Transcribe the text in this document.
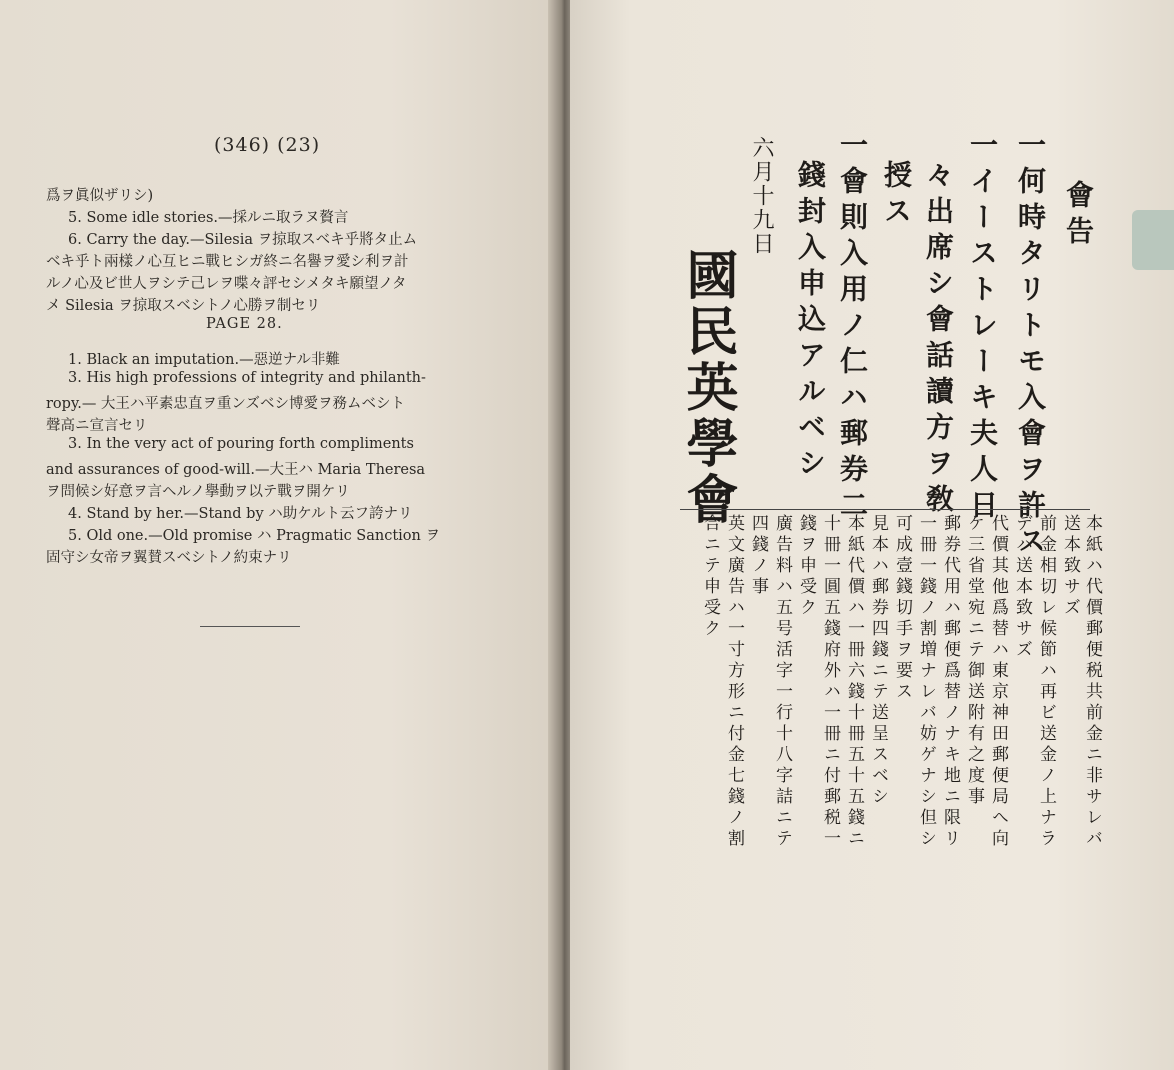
(346) (23)
爲ヲ眞似ザリシ)
5. Some idle stories.—採ルニ取ラヌ贅言
6. Carry the day.—Silesia ヲ掠取スベキ乎將タ止ム
ベキ乎ト兩樣ノ心互ヒニ戰ヒシガ終ニ名譽ヲ愛シ利ヲ計
ルノ心及ビ世人ヲシテ己レヲ喋々評セシメタキ願望ノタ
メ Silesia ヲ掠取スベシトノ心勝ヲ制セリ
PAGE 28.
1. Black an imputation.—惡逆ナル非難
3. His high professions of integrity and philanth-
ropy.— 大王ハ平素忠直ヲ重ンズベシ博愛ヲ務ムベシト
聲高ニ宣言セリ
3. In the very act of pouring forth compliments
and assurances of good-will.—大王ハ Maria Theresa
ヲ問候シ好意ヲ言ヘルノ擧動ヲ以テ戰ヲ開ケリ
4. Stand by her.—Stand by ハ助ケルト云フ誇ナリ
5. Old one.—Old promise ハ Pragmatic Sanction ヲ
固守シ女帝ヲ翼賛スベシトノ約束ナリ
會告
一何時タリトモ入會ヲ許ス
一イーストレーキ夫人日
々出席シ會話讀方ヲ敎
授ス
一會則入用ノ仁ハ郵券二
錢封入申込アルベシ
六月十九日
國民英學會
本紙ハ代價郵便税共前金ニ非サレバ
送本致サズ
前金相切レ候節ハ再ビ送金ノ上ナラ
デハ送本致サズ
代價其他爲替ハ東京神田郵便局へ向
ケ三省堂宛ニテ御送附有之度事
郵券代用ハ郵便爲替ノナキ地ニ限リ
一冊一錢ノ割増ナレバ妨ゲナシ但シ
可成壹錢切手ヲ要ス
見本ハ郵券四錢ニテ送呈スベシ
本紙代價ハ一冊六錢十冊五十五錢ニ
十冊一圓五錢府外ハ一冊ニ付郵税一
錢ヲ申受ク
廣告料ハ五号活字一行十八字詰ニテ
四錢ノ事
英文廣告ハ一寸方形ニ付金七錢ノ割
合ニテ申受ク
